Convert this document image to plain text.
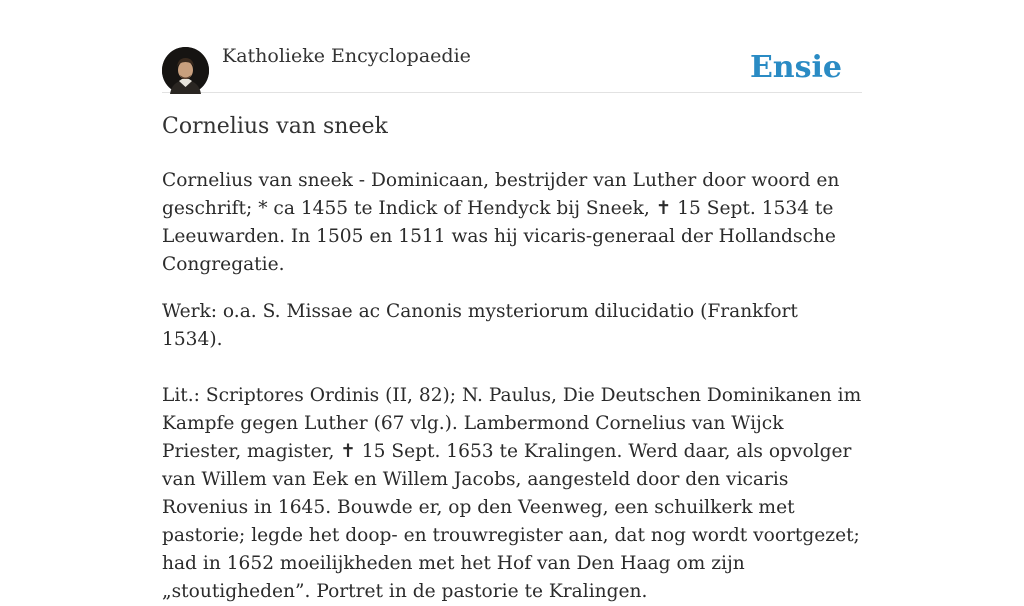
Katholieke Encyclopaedie	Ensie
Cornelius van sneek

Cornelius van sneek - Dominicaan, bestrijder van Luther door woord en geschrift; * ca 1455 te Indick of Hendyck bij Sneek, ✝ 15 Sept. 1534 te Leeuwarden. In 1505 en 1511 was hij vicaris-generaal der Hollandsche Congregatie.

Werk: o.a. S. Missae ac Canonis mysteriorum dilucidatio (Frankfort 1534).

Lit.: Scriptores Ordinis (II, 82); N. Paulus, Die Deutschen Dominikanen im Kampfe gegen Luther (67 vlg.). Lambermond Cornelius van Wijck Priester, magister, ✝ 15 Sept. 1653 te Kralingen. Werd daar, als opvolger van Willem van Eek en Willem Jacobs, aangesteld door den vicaris Rovenius in 1645. Bouwde er, op den Veenweg, een schuilkerk met pastorie; legde het doop- en trouwregister aan, dat nog wordt voortgezet; had in 1652 moeilijkheden met het Hof van Den Haag om zijn „stoutigheden”. Portret in de pastorie te Kralingen.
